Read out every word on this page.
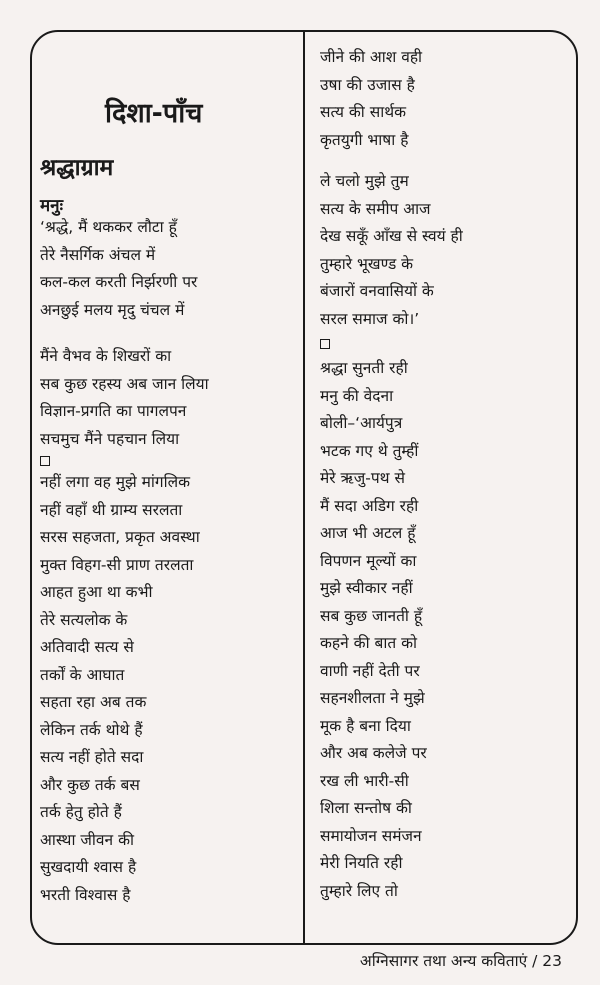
दिशा-पाँच
श्रद्धाग्राम
मनुः
‘श्रद्धे, मैं थककर लौटा हूँ
तेरे नैसर्गिक अंचल में
कल-कल करती निर्झरणी पर
अनछुई मलय मृदु चंचल में
मैंने वैभव के शिखरों का
सब कुछ रहस्य अब जान लिया
विज्ञान-प्रगति का पागलपन
सचमुच मैंने पहचान लिया
नहीं लगा वह मुझे मांगलिक
नहीं वहाँ थी ग्राम्य सरलता
सरस सहजता, प्रकृत अवस्था
मुक्त विहग-सी प्राण तरलता
आहत हुआ था कभी
तेरे सत्यलोक के
अतिवादी सत्य से
तर्कों के आघात
सहता रहा अब तक
लेकिन तर्क थोथे हैं
सत्य नहीं होते सदा
और कुछ तर्क बस
तर्क हेतु होते हैं
आस्था जीवन की
सुखदायी श्वास है
भरती विश्वास है
जीने की आश वही
उषा की उजास है
सत्य की सार्थक
कृतयुगी भाषा है
ले चलो मुझे तुम
सत्य के समीप आज
देख सकूँ आँख से स्वयं ही
तुम्हारे भूखण्ड के
बंजारों वनवासियों के
सरल समाज को।’
श्रद्धा सुनती रही
मनु की वेदना
बोली–‘आर्यपुत्र
भटक गए थे तुम्हीं
मेरे ऋजु-पथ से
मैं सदा अडिग रही
आज भी अटल हूँ
विपणन मूल्यों का
मुझे स्वीकार नहीं
सब कुछ जानती हूँ
कहने की बात को
वाणी नहीं देती पर
सहनशीलता ने मुझे
मूक है बना दिया
और अब कलेजे पर
रख ली भारी-सी
शिला सन्तोष की
समायोजन समंजन
मेरी नियति रही
तुम्हारे लिए तो
अग्निसागर तथा अन्य कविताएं / 23
